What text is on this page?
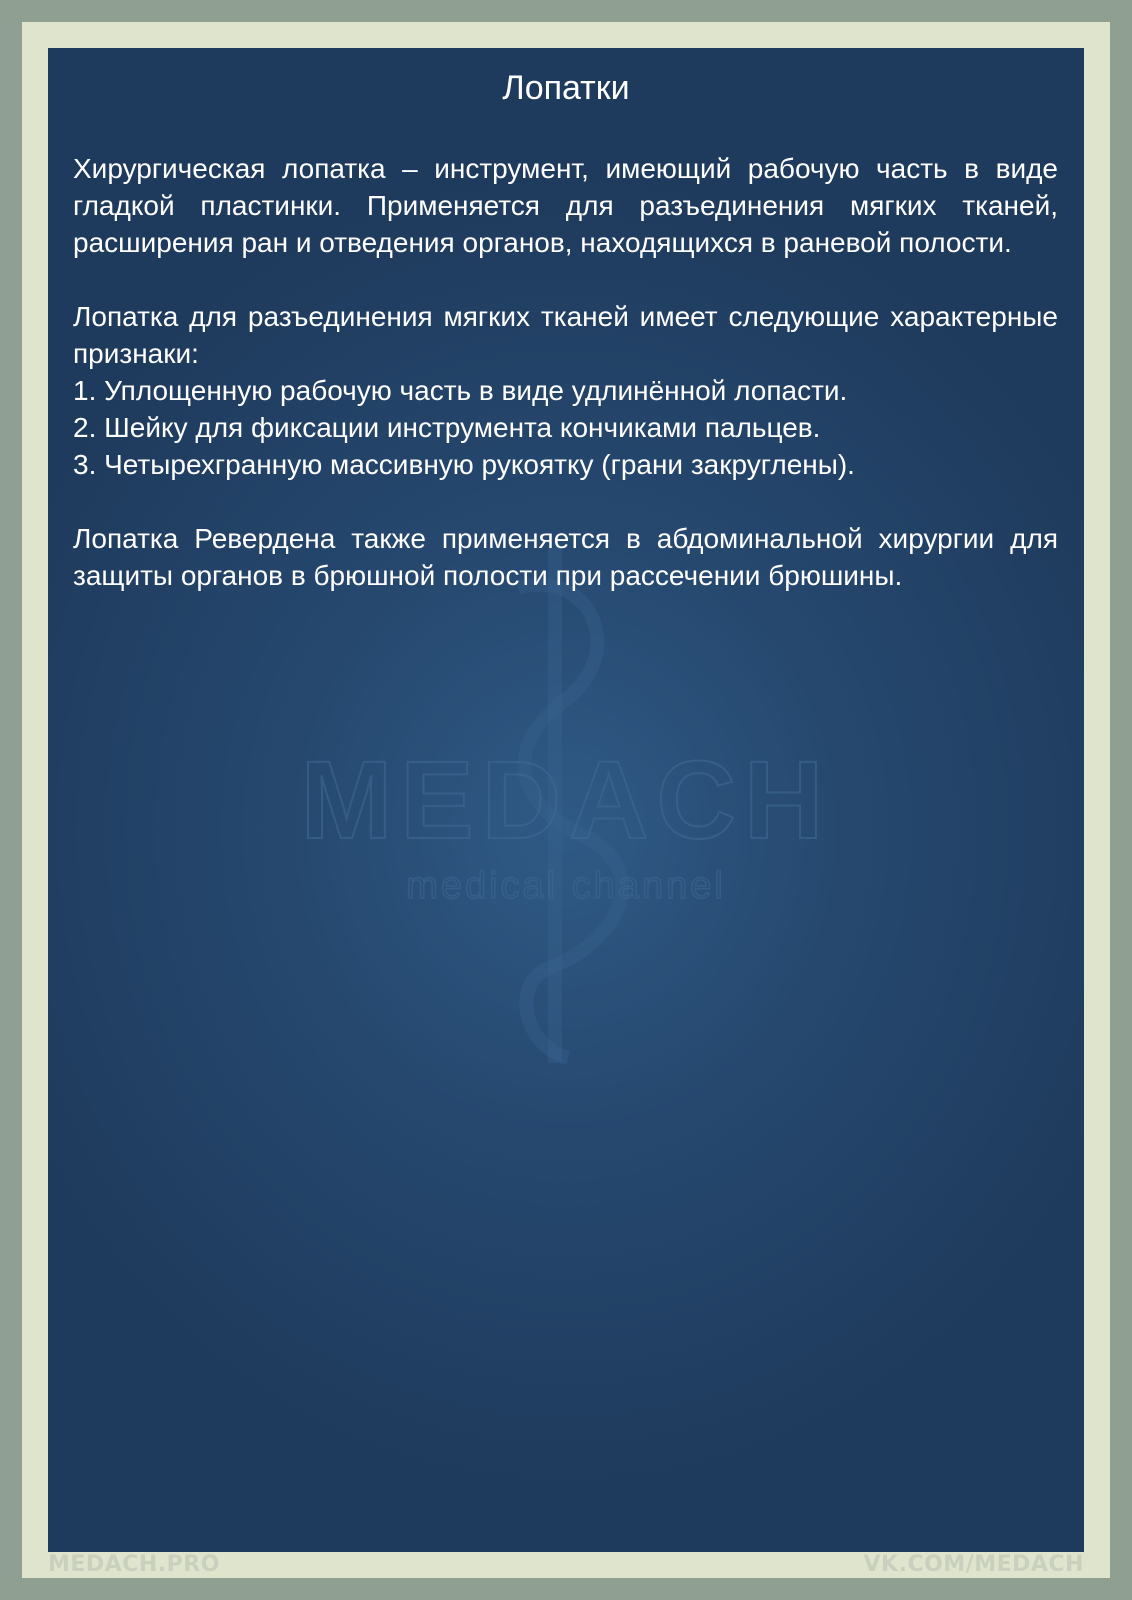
MEDACH
medical channel
Лопатки

Хирургическая лопатка – инструмент, имеющий рабочую часть в виде гладкой пластинки. Применяется для разъединения мягких тканей, расширения ран и отведения органов, находящихся в раневой полости.

Лопатка для разъединения мягких тканей имеет следующие характерные признаки:

1. Уплощенную рабочую часть в виде удлинённой лопасти.

2. Шейку для фиксации инструмента кончиками пальцев.

3. Четырехгранную массивную рукоятку (грани закруглены).

Лопатка Ревердена также применяется в абдоминальной хирургии для защиты органов в брюшной полости при рассечении брюшины.

MEDACH.PRO	VK.COM/MEDACH
